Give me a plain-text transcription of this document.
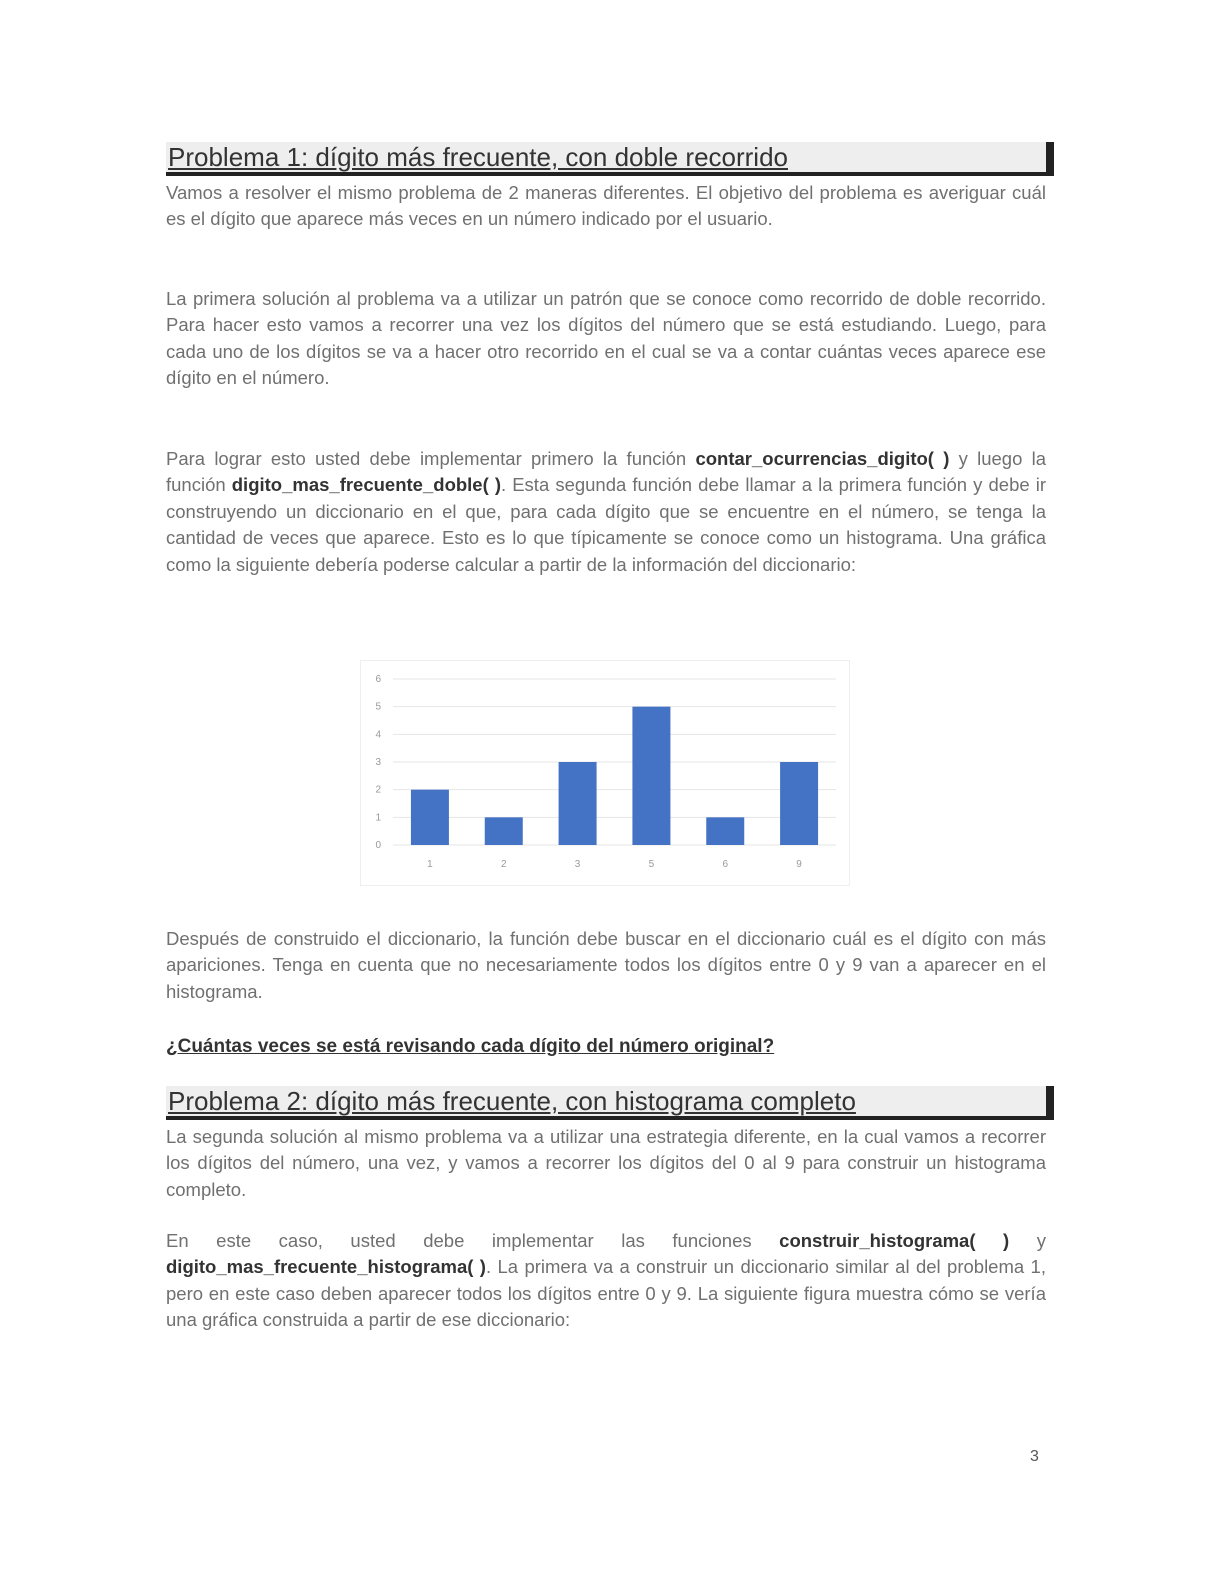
Problema 1: dígito más frecuente, con doble recorrido

Vamos a resolver el mismo problema de 2 maneras diferentes. El objetivo del problema es averiguar cuál es el dígito que aparece más veces en un número indicado por el usuario.

La primera solución al problema va a utilizar un patrón que se conoce como recorrido de doble recorrido. Para hacer esto vamos a recorrer una vez los dígitos del número que se está estudiando. Luego, para cada uno de los dígitos se va a hacer otro recorrido en el cual se va a contar cuántas veces aparece ese dígito en el número.

Para lograr esto usted debe implementar primero la función contar_ocurrencias_digito( ) y luego la función digito_mas_frecuente_doble( ). Esta segunda función debe llamar a la primera función y debe ir construyendo un diccionario en el que, para cada dígito que se encuentre en el número, se tenga la cantidad de veces que aparece. Esto es lo que típicamente se conoce como un histograma. Una gráfica como la siguiente debería poderse calcular a partir de la información del diccionario:

0
1
2
3
4
5
6
1	2	3	5	6	9

Después de construido el diccionario, la función debe buscar en el diccionario cuál es el dígito con más apariciones. Tenga en cuenta que no necesariamente todos los dígitos entre 0 y 9 van a aparecer en el histograma.

¿Cuántas veces se está revisando cada dígito del número original?
Problema 2: dígito más frecuente, con histograma completo

La segunda solución al mismo problema va a utilizar una estrategia diferente, en la cual vamos a recorrer los dígitos del número, una vez, y vamos a recorrer los dígitos del 0 al 9 para construir un histograma completo.

En este caso, usted debe implementar las funciones construir_histograma( ) y digito_mas_frecuente_histograma( ). La primera va a construir un diccionario similar al del problema 1, pero en este caso deben aparecer todos los dígitos entre 0 y 9. La siguiente figura muestra cómo se vería una gráfica construida a partir de ese diccionario:

3
